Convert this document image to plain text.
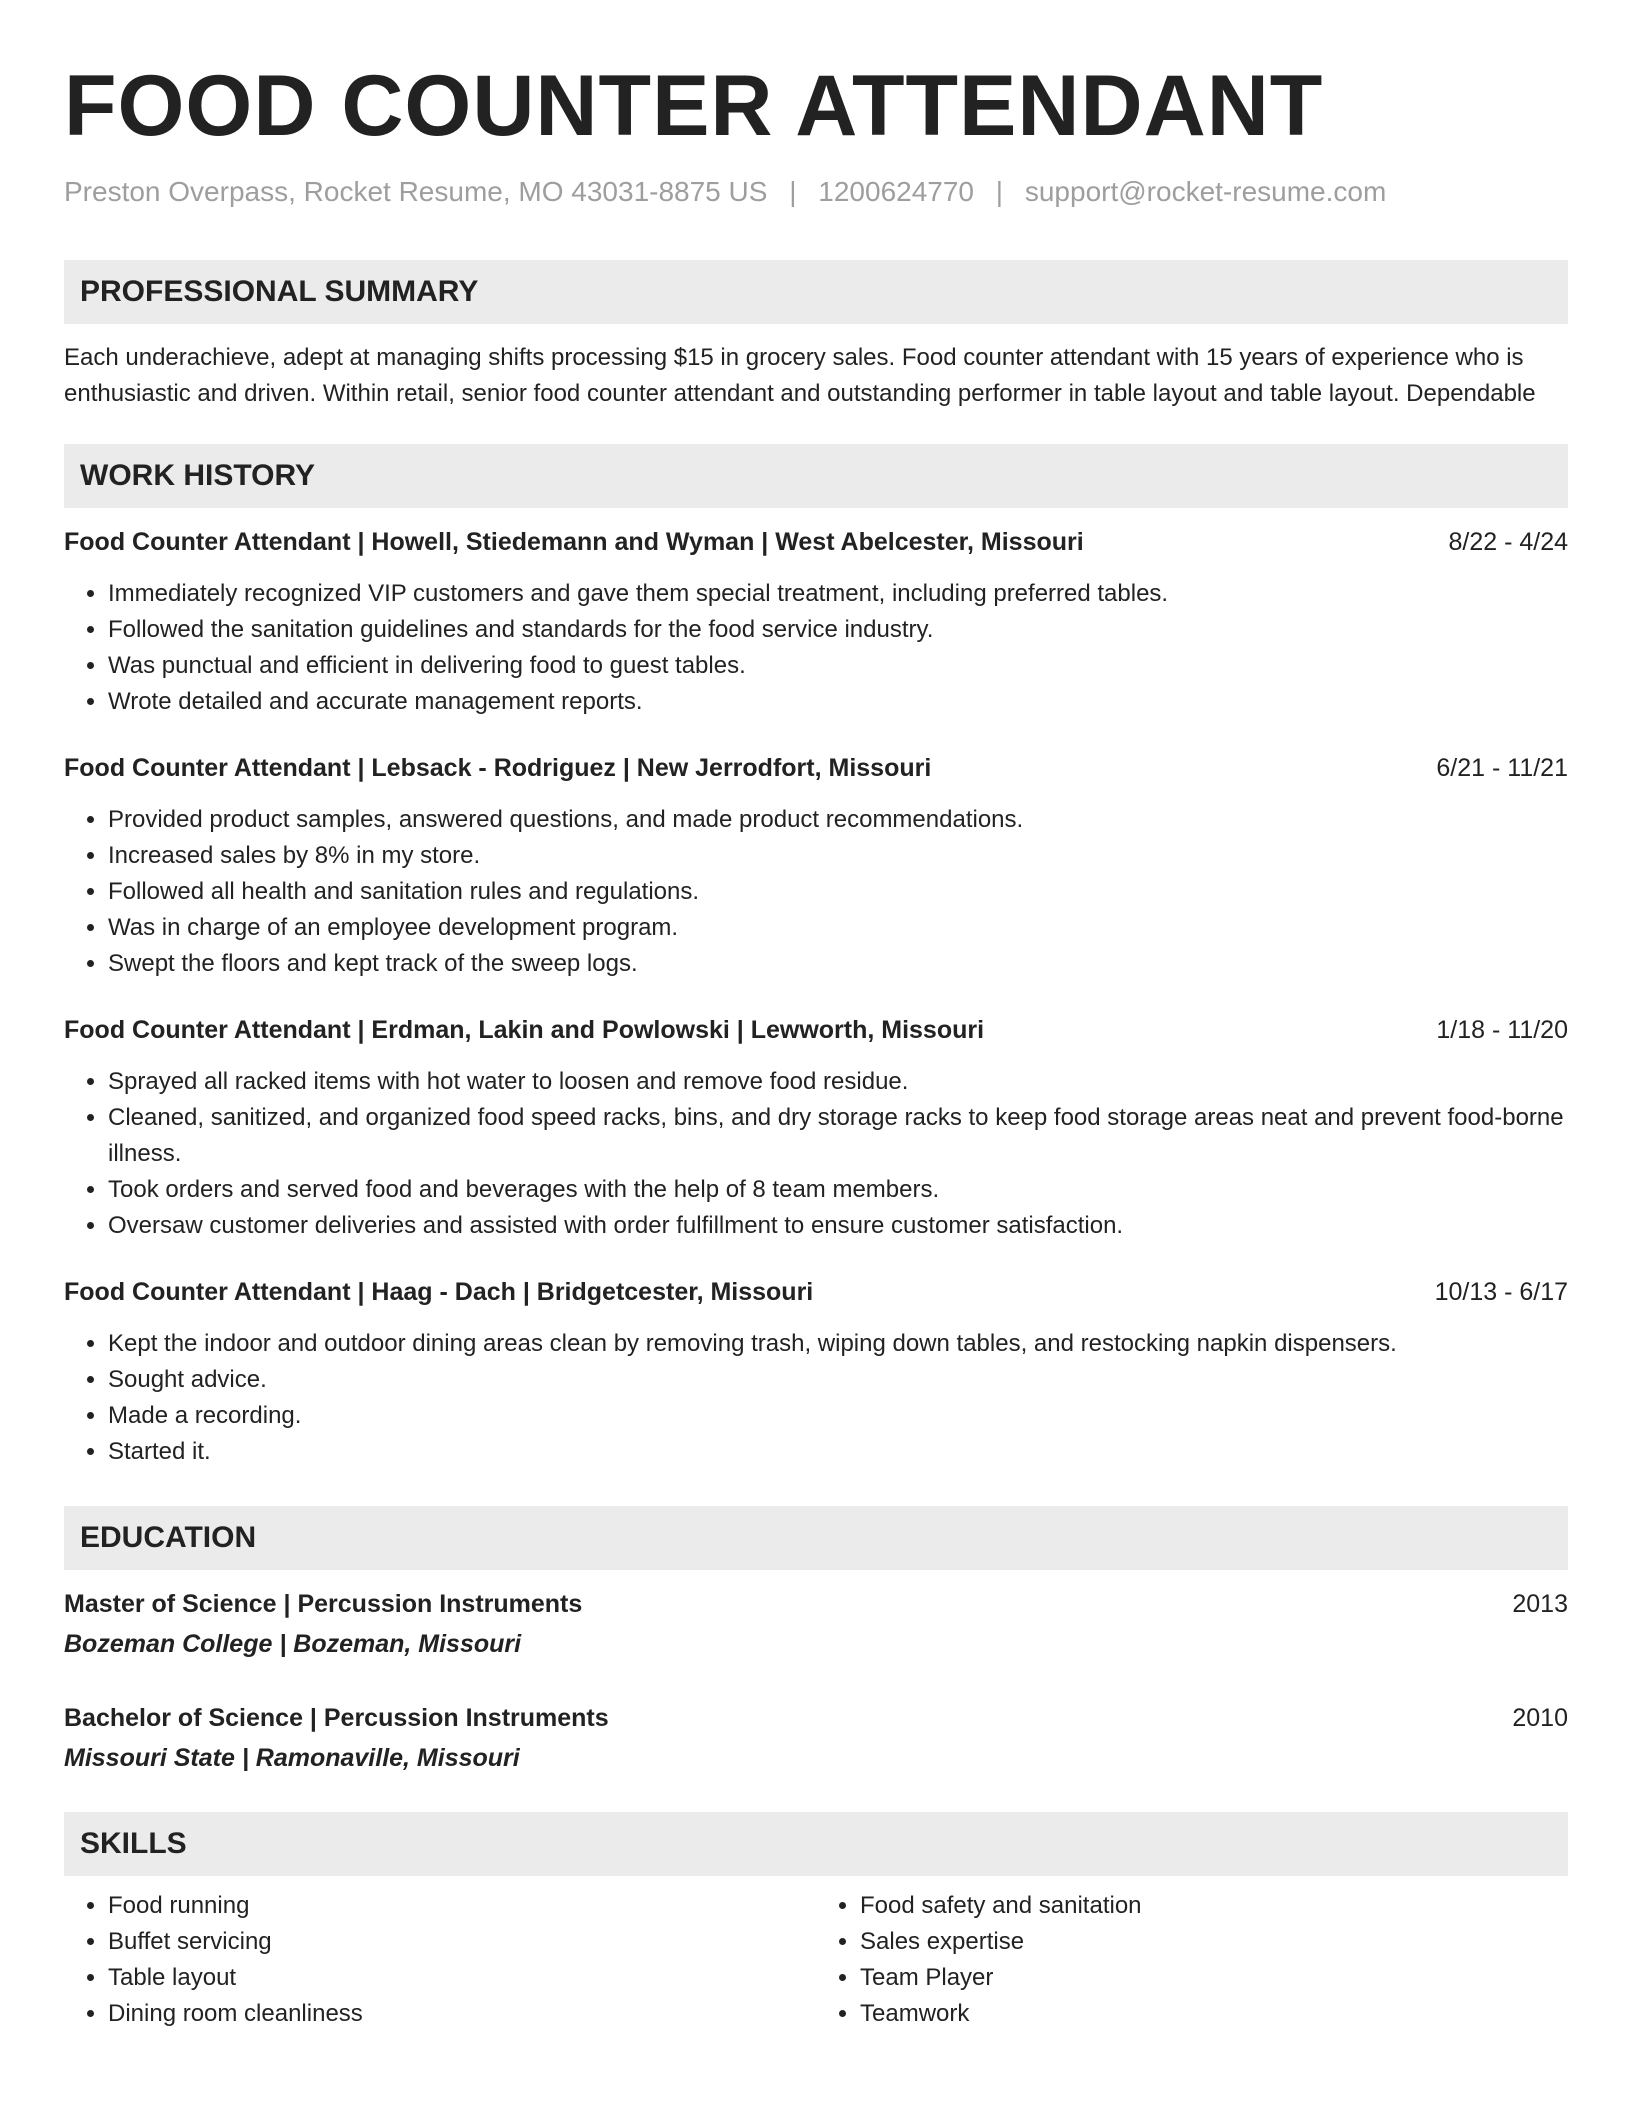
FOOD COUNTER ATTENDANT
Preston Overpass, Rocket Resume, MO 43031-8875 US | 1200624770 | support@rocket-resume.com
PROFESSIONAL SUMMARY

Each underachieve, adept at managing shifts processing $15 in grocery sales. Food counter attendant with 15 years of experience who is enthusiastic and driven. Within retail, senior food counter attendant and outstanding performer in table layout and table layout. Dependable

WORK HISTORY
Food Counter Attendant | Howell, Stiedemann and Wyman | West Abelcester, Missouri	8/22 - 4/24
• Immediately recognized VIP customers and gave them special treatment, including preferred tables.
• Followed the sanitation guidelines and standards for the food service industry.
• Was punctual and efficient in delivering food to guest tables.
• Wrote detailed and accurate management reports.
Food Counter Attendant | Lebsack - Rodriguez | New Jerrodfort, Missouri	6/21 - 11/21
• Provided product samples, answered questions, and made product recommendations.
• Increased sales by 8% in my store.
• Followed all health and sanitation rules and regulations.
• Was in charge of an employee development program.
• Swept the floors and kept track of the sweep logs.
Food Counter Attendant | Erdman, Lakin and Powlowski | Lewworth, Missouri	1/18 - 11/20
• Sprayed all racked items with hot water to loosen and remove food residue.
• Cleaned, sanitized, and organized food speed racks, bins, and dry storage racks to keep food storage areas neat and prevent food-borne illness.
• Took orders and served food and beverages with the help of 8 team members.
• Oversaw customer deliveries and assisted with order fulfillment to ensure customer satisfaction.
Food Counter Attendant | Haag - Dach | Bridgetcester, Missouri	10/13 - 6/17
• Kept the indoor and outdoor dining areas clean by removing trash, wiping down tables, and restocking napkin dispensers.
• Sought advice.
• Made a recording.
• Started it.
EDUCATION
Master of Science | Percussion Instruments	2013
Bozeman College | Bozeman, Missouri
Bachelor of Science | Percussion Instruments	2010
Missouri State | Ramonaville, Missouri
SKILLS
• Food running
• Buffet servicing
• Table layout
• Dining room cleanliness
• Food safety and sanitation
• Sales expertise
• Team Player
• Teamwork
